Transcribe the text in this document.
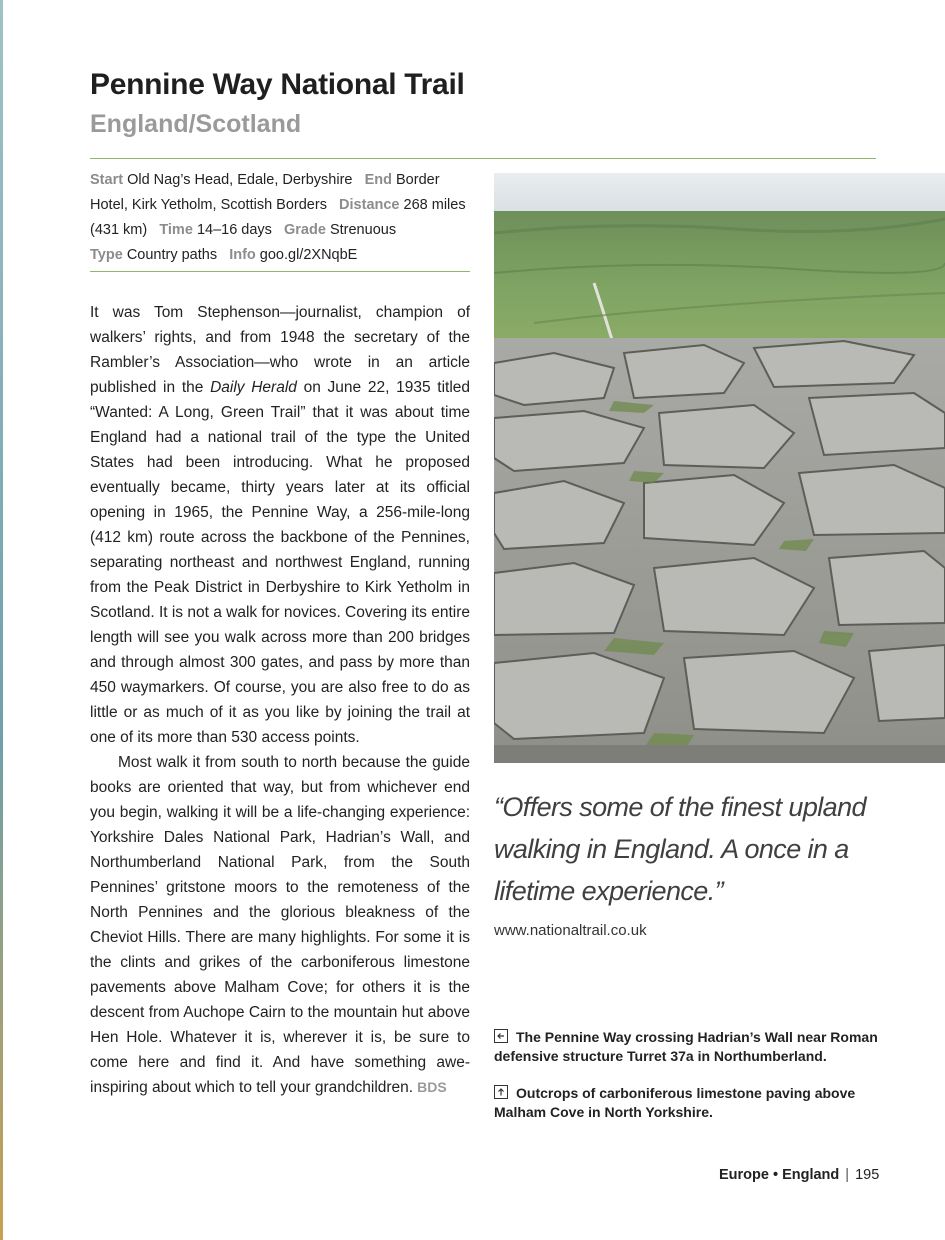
Pennine Way National Trail
England/Scotland
Start Old Nag’s Head, Edale, Derbyshire End Border Hotel, Kirk Yetholm, Scottish Borders Distance 268 miles (431 km) Time 14–16 days Grade Strenuous
Type Country paths Info goo.gl/2XNqbE

It was Tom Stephenson—journalist, champion of walkers’ rights, and from 1948 the secretary of the Rambler’s Association—who wrote in an article published in the Daily Herald on June 22, 1935 titled “Wanted: A Long, Green Trail” that it was about time England had a national trail of the type the United States had been introducing. What he proposed eventually became, thirty years later at its official opening in 1965, the Pennine Way, a 256-mile-long (412 km) route across the backbone of the Pennines, separating northeast and northwest England, running from the Peak District in Derbyshire to Kirk Yetholm in Scotland. It is not a walk for novices. Covering its entire length will see you walk across more than 200 bridges and through almost 300 gates, and pass by more than 450 waymarkers. Of course, you are also free to do as little or as much of it as you like by joining the trail at one of its more than 530 access points.

Most walk it from south to north because the guide books are oriented that way, but from whichever end you begin, walking it will be a life-changing experience: Yorkshire Dales National Park, Hadrian’s Wall, and Northumberland National Park, from the South Pennines’ gritstone moors to the remoteness of the North Pennines and the glorious bleakness of the Cheviot Hills. There are many highlights. For some it is the clints and grikes of the carboniferous limestone pavements above Malham Cove; for others it is the descent from Auchope Cairn to the mountain hut above Hen Hole. Whatever it is, wherever it is, be sure to come here and find it. And have something awe-inspiring about which to tell your grandchildren. BDS

“Offers some of the finest upland walking in England. A once in a lifetime experience.”
www.nationaltrail.co.uk
The Pennine Way crossing Hadrian’s Wall near Roman defensive structure Turret 37a in Northumberland.
Outcrops of carboniferous limestone paving above Malham Cove in North Yorkshire.
Europe • England | 195
